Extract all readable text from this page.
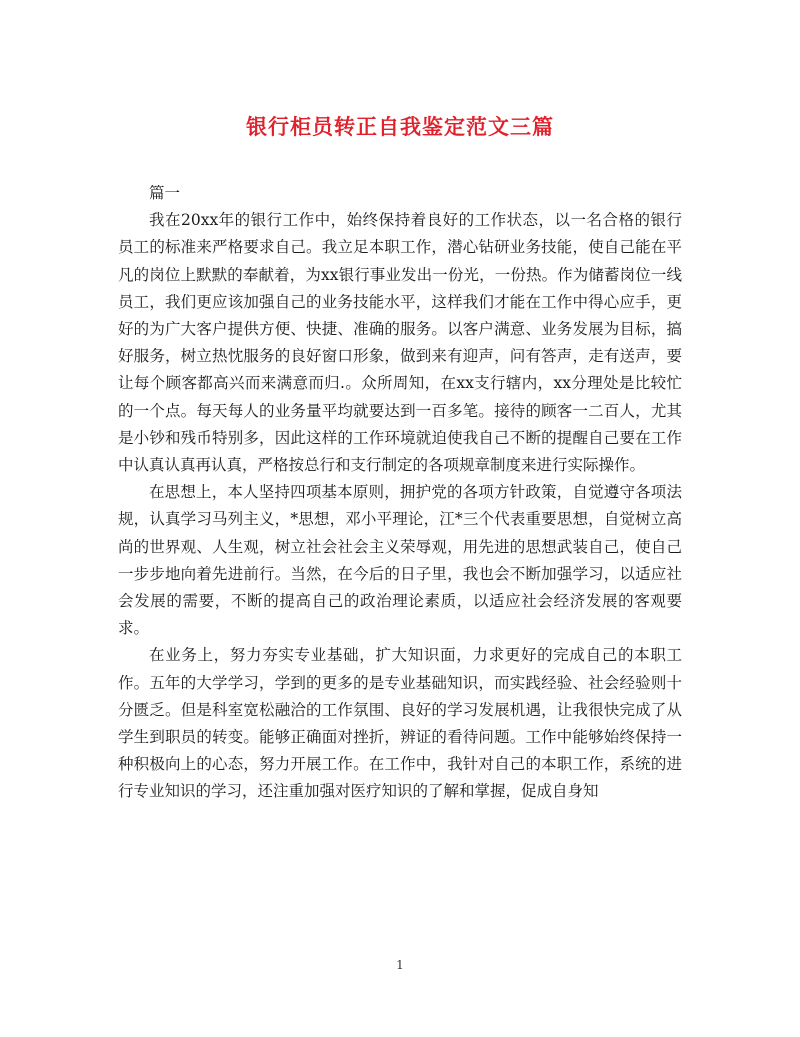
银行柜员转正自我鉴定范文三篇

篇一

我在20xx年的银行工作中，始终保持着良好的工作状态，以一名合格的银行员工的标准来严格要求自己。我立足本职工作，潜心钻研业务技能，使自己能在平凡的岗位上默默的奉献着，为xx银行事业发出一份光，一份热。作为储蓄岗位一线员工，我们更应该加强自己的业务技能水平，这样我们才能在工作中得心应手，更好的为广大客户提供方便、快捷、准确的服务。以客户满意、业务发展为目标，搞好服务，树立热忱服务的良好窗口形象，做到来有迎声，问有答声，走有送声，要让每个顾客都高兴而来满意而归.。众所周知，在xx支行辖内，xx分理处是比较忙的一个点。每天每人的业务量平均就要达到一百多笔。接待的顾客一二百人，尤其是小钞和残币特别多，因此这样的工作环境就迫使我自己不断的提醒自己要在工作中认真认真再认真，严格按总行和支行制定的各项规章制度来进行实际操作。

在思想上，本人坚持四项基本原则，拥护党的各项方针政策，自觉遵守各项法规，认真学习马列主义，*思想，邓小平理论，江*三个代表重要思想，自觉树立高尚的世界观、人生观，树立社会社会主义荣辱观，用先进的思想武装自己，使自己一步步地向着先进前行。当然，在今后的日子里，我也会不断加强学习，以适应社会发展的需要，不断的提高自己的政治理论素质，以适应社会经济发展的客观要求。

在业务上，努力夯实专业基础，扩大知识面，力求更好的完成自己的本职工作。五年的大学学习，学到的更多的是专业基础知识，而实践经验、社会经验则十分匮乏。但是科室宽松融洽的工作氛围、良好的学习发展机遇，让我很快完成了从学生到职员的转变。能够正确面对挫折，辨证的看待问题。工作中能够始终保持一种积极向上的心态，努力开展工作。在工作中，我针对自己的本职工作，系统的进行专业知识的学习，还注重加强对医疗知识的了解和掌握，促成自身知

1
